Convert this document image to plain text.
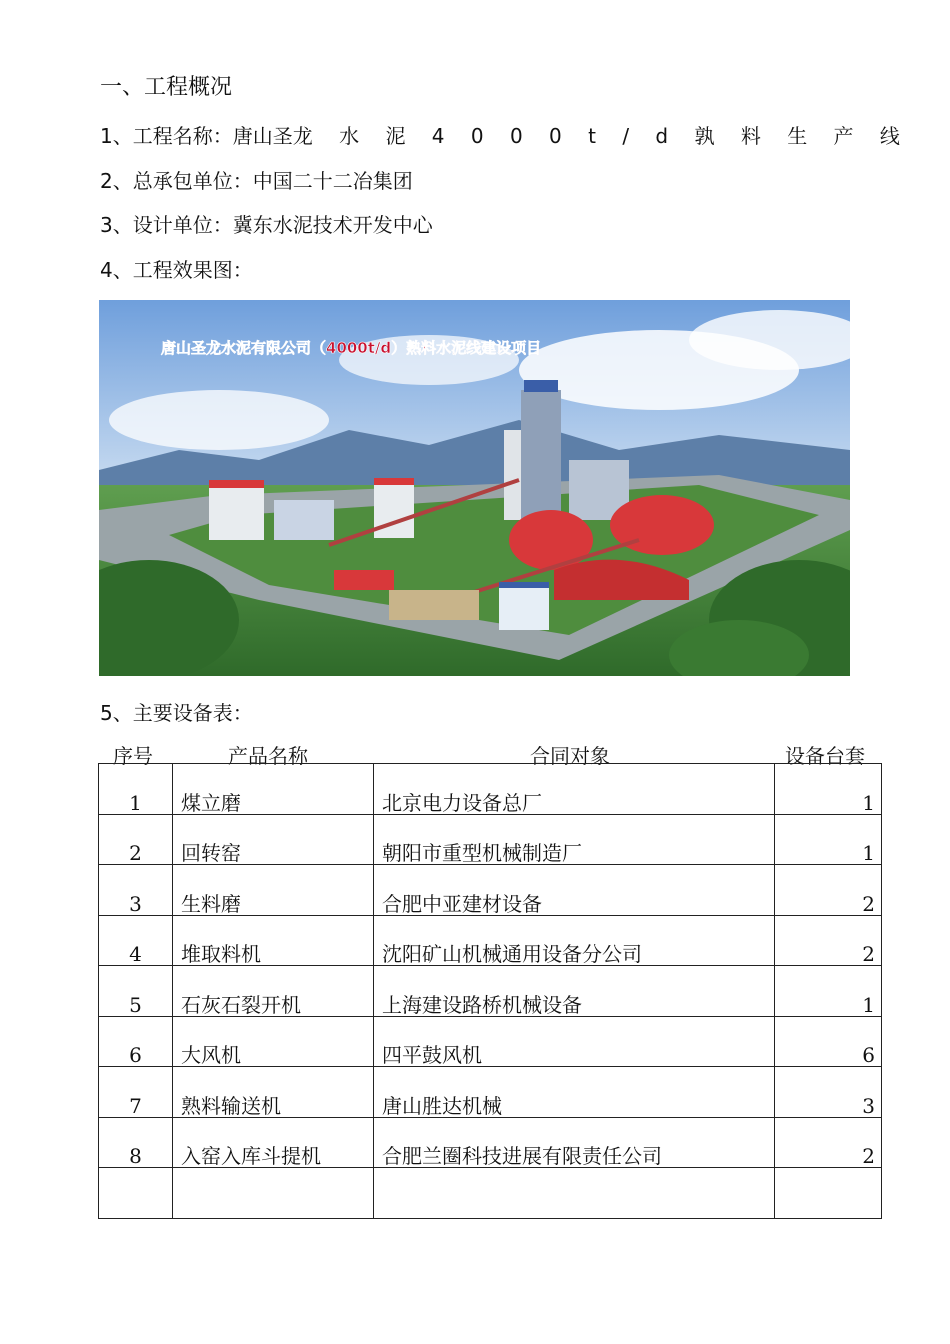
一、工程概况
1、工程名称：唐山圣龙 水 泥 4 0 0 0 t / d 孰 料 生 产 线
2、总承包单位：中国二十二冶集团
3、设计单位：冀东水泥技术开发中心
4、工程效果图：
唐山圣龙水泥有限公司（4000t/d）熟料水泥线建设项目
5、主要设备表：
序号	产品名称	合同对象	设备台套
1	煤立磨	北京电力设备总厂	1
2	回转窑	朝阳市重型机械制造厂	1
3	生料磨	合肥中亚建材设备	2
4	堆取料机	沈阳矿山机械通用设备分公司	2
5	石灰石裂开机	上海建设路桥机械设备	1
6	大风机	四平鼓风机	6
7	熟料输送机	唐山胜达机械	3
8	入窑入库斗提机	合肥兰圈科技进展有限责任公司	2
